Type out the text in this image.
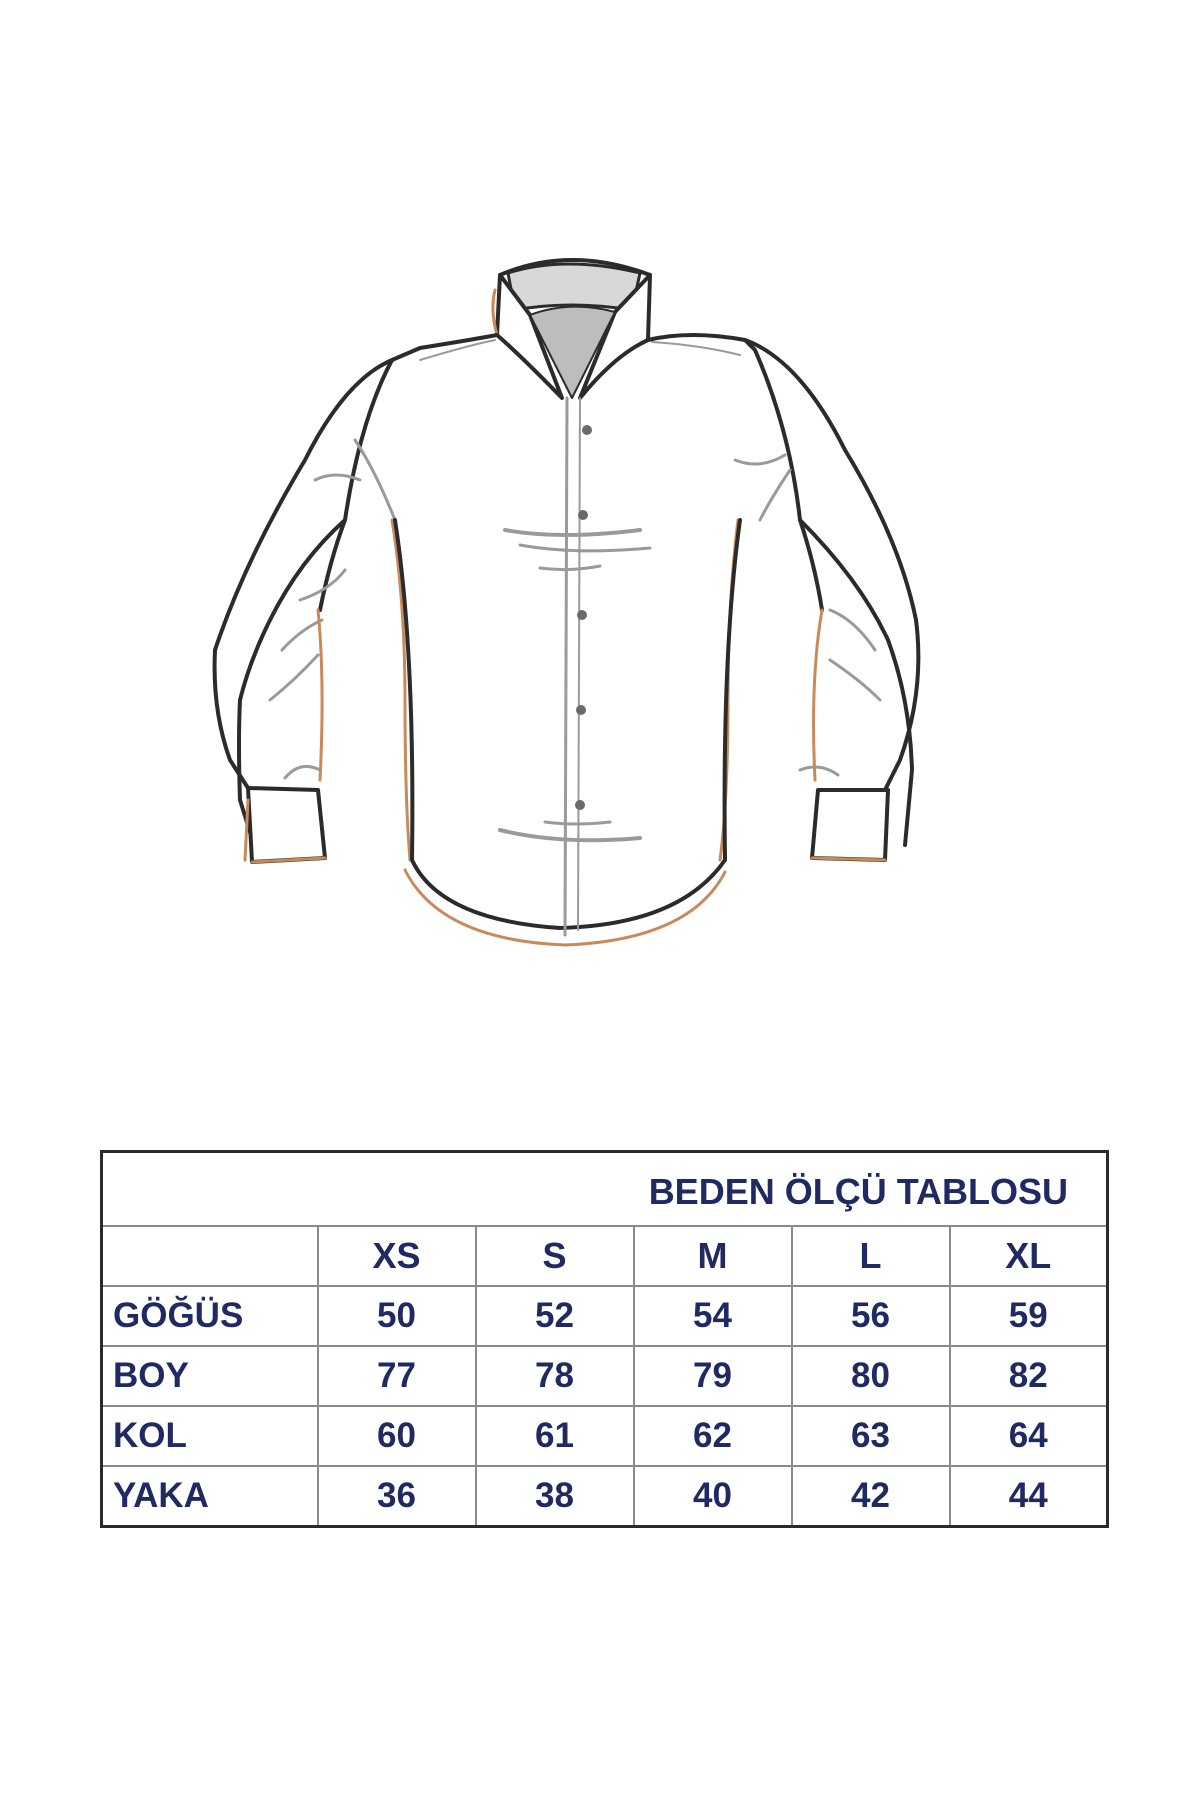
BEDEN ÖLÇÜ TABLOSU					
	XS	S	M	L	XL
GÖĞÜS	50	52	54	56	59
BOY	77	78	79	80	82
KOL	60	61	62	63	64
YAKA	36	38	40	42	44
